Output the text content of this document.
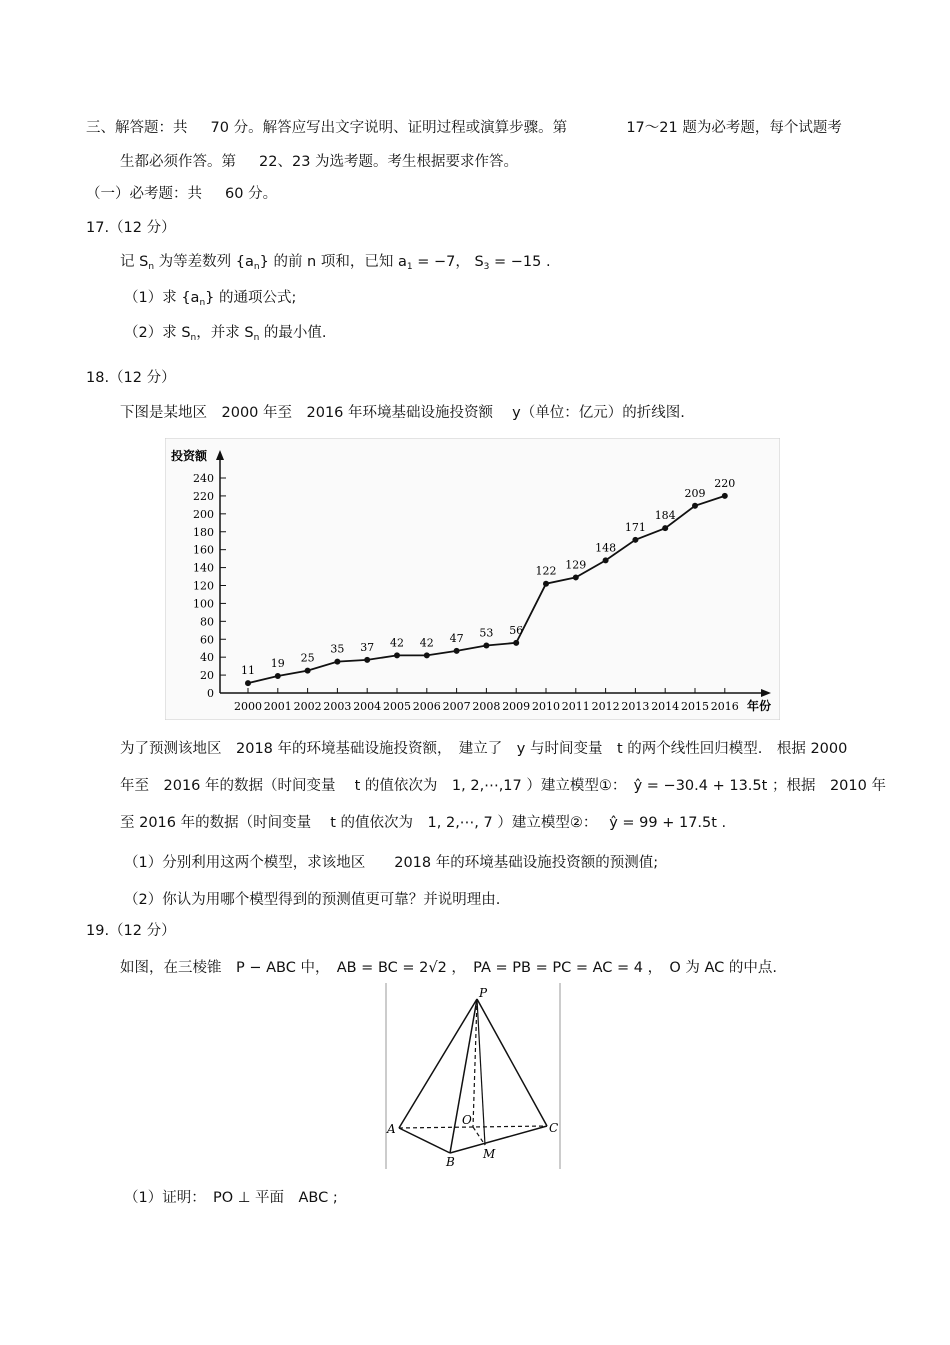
三、解答题：共 70 分。解答应写出文字说明、证明过程或演算步骤。第	17～21 题为必考题，每个试题考
生都必须作答。第 22、23 为选考题。考生根据要求作答。
（一）必考题：共 60 分。
17.（12 分）
记 $S_n$ 为等差数列 $\{a_n\}$ 的前 n 项和，已知 $a_1 = -7$， $S_3 = -15$ .
（1）求 $\{a_n\}$ 的通项公式;
（2）求 $S_n$，并求 $S_n$ 的最小值.
18.（12 分）
下图是某地区　2000 年至　2016 年环境基础设施投资额　 y（单位：亿元）的折线图.
0
20
40
60
80
100
120
140
160
180
200
220
240
2000 2001 2002 2003 2004 2005 2006 2007 2008 2009 2010 2011 2012 2013 2014 2015 2016
11
19 25
35 37 42 42 47 53 56
122 129
148
171
184
209
220
投资额
年份
为了预测该地区　2018 年的环境基础设施投资额，　建立了　y 与时间变量　t 的两个线性回归模型.　根据 2000
年至　2016 年的数据（时间变量　 t 的值依次为　1, 2,⋯,17 ）建立模型①：　ŷ = −30.4 + 13.5t ；根据　2010 年
至 2016 年的数据（时间变量　 t 的值依次为　1, 2,⋯, 7 ）建立模型②：　 ŷ = 99 + 17.5t .
（1）分别利用这两个模型，求该地区　　2018 年的环境基础设施投资额的预测值;
（2）你认为用哪个模型得到的预测值更可靠？并说明理由.
19.（12 分）
如图，在三棱锥　P − ABC 中，　AB = BC = 2√2 ，　PA = PB = PC = AC = 4 ，　O 为 AC 的中点.
P
A
B
C
O
M
（1）证明：　PO ⊥ 平面　ABC ;
